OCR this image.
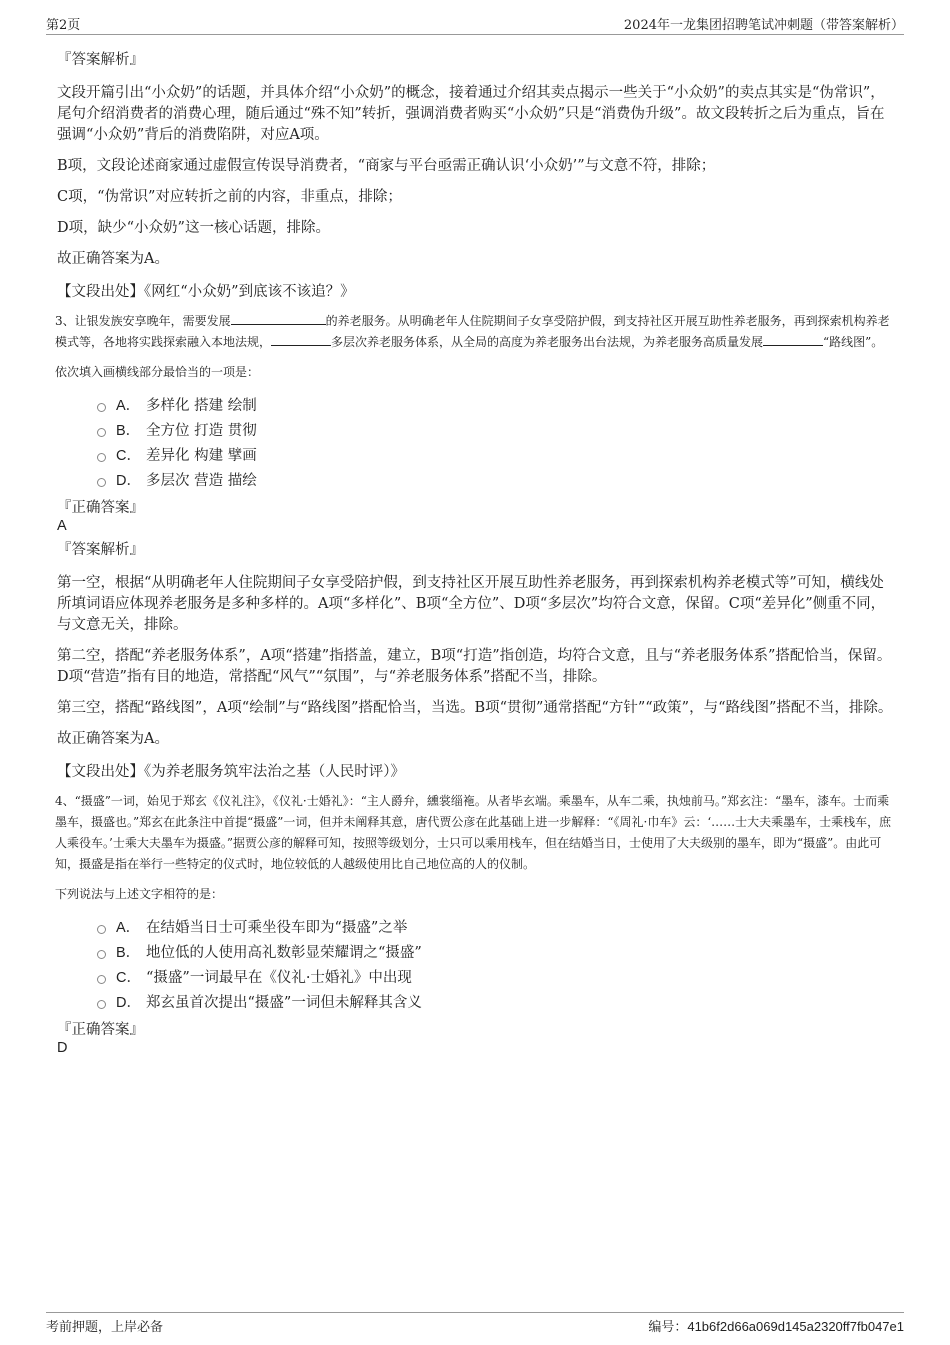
第2页	2024年一龙集团招聘笔试冲刺题（带答案解析）
『答案解析』
文段开篇引出“小众奶”的话题，并具体介绍“小众奶”的概念，接着通过介绍其卖点揭示一些关于“小众奶”的卖点其实是“伪常识”，尾句介绍消费者的消费心理，随后通过“殊不知”转折，强调消费者购买“小众奶”只是“消费伪升级”。故文段转折之后为重点，旨在强调“小众奶”背后的消费陷阱，对应A项。
B项，文段论述商家通过虚假宣传误导消费者，“商家与平台亟需正确认识‘小众奶’”与文意不符，排除；
C项，“伪常识”对应转折之前的内容，非重点，排除；
D项，缺少“小众奶”这一核心话题，排除。
故正确答案为A。
【文段出处】《网红“小众奶”到底该不该追？》
3、让银发族安享晚年，需要发展	的养老服务。从明确老年人住院期间子女享受陪护假，到支持社区开展互助性养老服务，再到探索机构养老模式等，各地将实践探索融入本地法规，	多层次养老服务体系，从全局的高度为养老服务出台法规，为养老服务高质量发展	“路线图”。
依次填入画横线部分最恰当的一项是：
A． 多样化 搭建 绘制
B． 全方位 打造 贯彻
C． 差异化 构建 擘画
D． 多层次 营造 描绘
『正确答案』
A
『答案解析』
第一空，根据“从明确老年人住院期间子女享受陪护假，到支持社区开展互助性养老服务，再到探索机构养老模式等”可知，横线处所填词语应体现养老服务是多种多样的。A项“多样化”、B项“全方位”、D项“多层次”均符合文意，保留。C项“差异化”侧重不同，与文意无关，排除。
第二空，搭配“养老服务体系”，A项“搭建”指搭盖，建立，B项“打造”指创造，均符合文意，且与“养老服务体系”搭配恰当，保留。D项“营造”指有目的地造，常搭配“风气”“氛围”，与“养老服务体系”搭配不当，排除。
第三空，搭配“路线图”，A项“绘制”与“路线图”搭配恰当，当选。B项“贯彻”通常搭配“方针”“政策”，与“路线图”搭配不当，排除。
故正确答案为A。
【文段出处】《为养老服务筑牢法治之基（人民时评）》
4、“摄盛”一词，始见于郑玄《仪礼注》，《仪礼·士婚礼》：“主人爵弁，纁裳缁袘。从者毕玄端。乘墨车，从车二乘，执烛前马。”郑玄注：“墨车，漆车。士而乘墨车，摄盛也。”郑玄在此条注中首提“摄盛”一词，但并未阐释其意，唐代贾公彦在此基础上进一步解释：“《周礼·巾车》云：‘……士大夫乘墨车，士乘栈车，庶人乘役车。’士乘大夫墨车为摄盛。”据贾公彦的解释可知，按照等级划分，士只可以乘用栈车，但在结婚当日，士使用了大夫级别的墨车，即为“摄盛”。由此可知，摄盛是指在举行一些特定的仪式时，地位较低的人越级使用比自己地位高的人的仪制。
下列说法与上述文字相符的是：
A． 在结婚当日士可乘坐役车即为“摄盛”之举
B． 地位低的人使用高礼数彰显荣耀谓之“摄盛”
C． “摄盛”一词最早在《仪礼·士婚礼》中出现
D． 郑玄虽首次提出“摄盛”一词但未解释其含义
『正确答案』
D
考前押题，上岸必备	编号：41b6f2d66a069d145a2320ff7fb047e1
